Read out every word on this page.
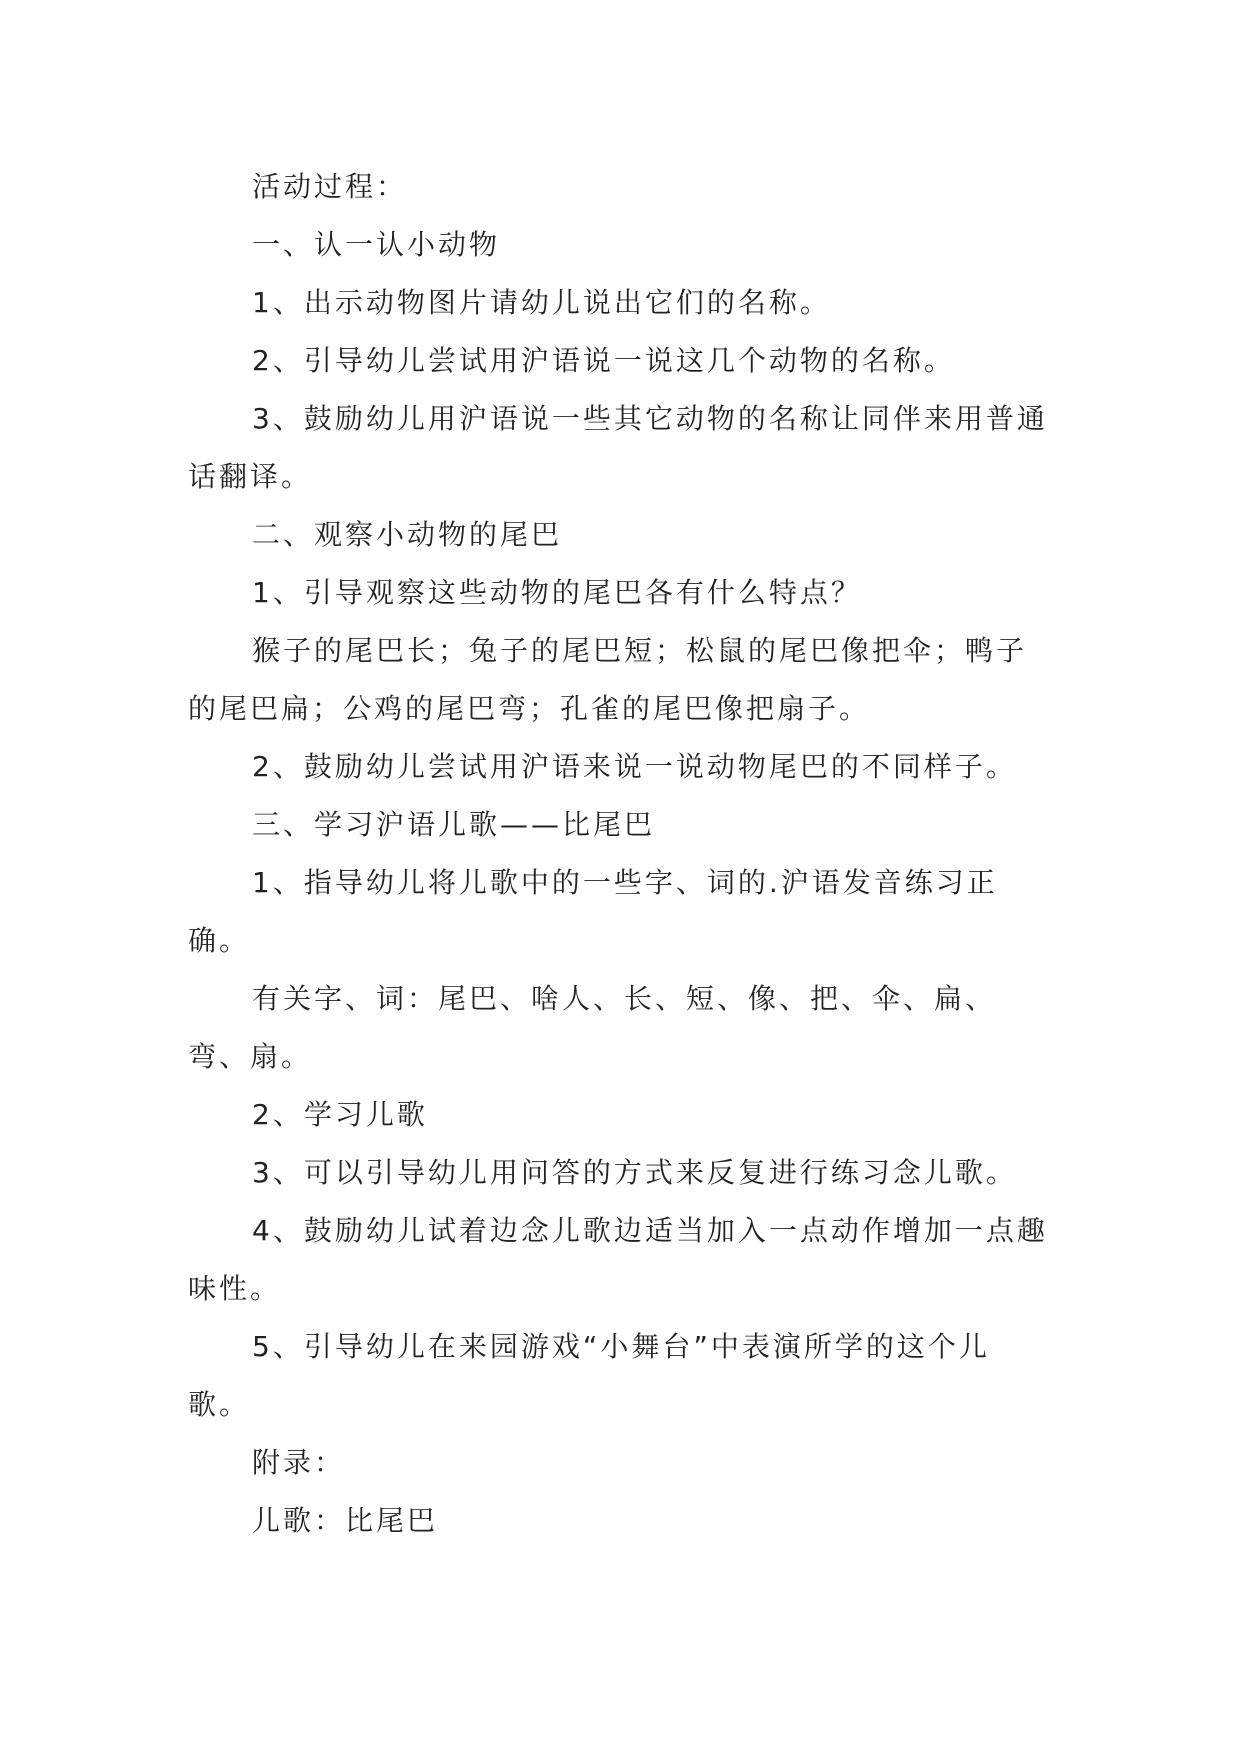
活动过程：

一、认一认小动物

1、出示动物图片请幼儿说出它们的名称。

2、引导幼儿尝试用沪语说一说这几个动物的名称。

3、鼓励幼儿用沪语说一些其它动物的名称让同伴来用普通话翻译。

二、观察小动物的尾巴

1、引导观察这些动物的尾巴各有什么特点？

猴子的尾巴长；兔子的尾巴短；松鼠的尾巴像把伞；鸭子的尾巴扁；公鸡的尾巴弯；孔雀的尾巴像把扇子。

2、鼓励幼儿尝试用沪语来说一说动物尾巴的不同样子。

三、学习沪语儿歌——比尾巴

1、指导幼儿将儿歌中的一些字、词的.沪语发音练习正确。

有关字、词：尾巴、啥人、长、短、像、把、伞、扁、弯、扇。

2、学习儿歌

3、可以引导幼儿用问答的方式来反复进行练习念儿歌。

4、鼓励幼儿试着边念儿歌边适当加入一点动作增加一点趣味性。

5、引导幼儿在来园游戏“小舞台”中表演所学的这个儿歌。

附录：

儿歌：比尾巴
